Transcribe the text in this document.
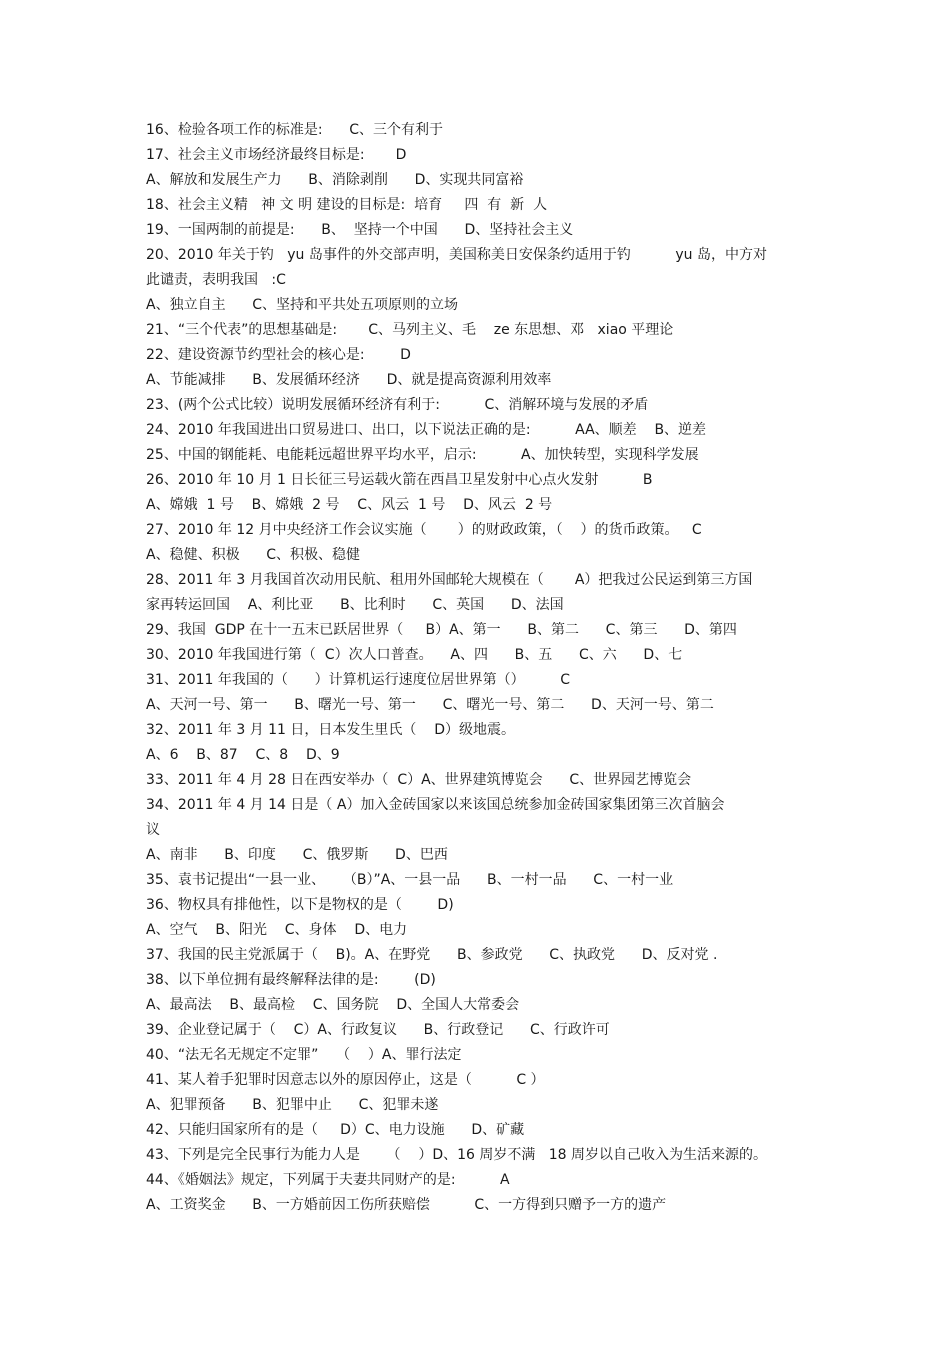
16、检验各项工作的标准是:      C、三个有利于
17、社会主义市场经济最终目标是:       D
A、解放和发展生产力      B、消除剥削      D、实现共同富裕
18、社会主义精   神 文 明 建设的目标是:  培育     四  有  新  人
19、一国两制的前提是:      B、  坚持一个中国      D、坚持社会主义
20、2010 年关于钓   yu 岛事件的外交部声明，美国称美日安保条约适用于钓          yu 岛，中方对
此谴责，表明我国   :C
A、独立自主      C、坚持和平共处五项原则的立场
21、“三个代表”的思想基础是:       C、马列主义、毛    ze 东思想、邓   xiao 平理论
22、建设资源节约型社会的核心是:        D
A、节能减排      B、发展循环经济      D、就是提高资源利用效率
23、(两个公式比较）说明发展循环经济有利于:          C、消解环境与发展的矛盾
24、2010 年我国进出口贸易进口、出口，以下说法正确的是:          AA、顺差    B、逆差
25、中国的钢能耗、电能耗远超世界平均水平，启示:          A、加快转型，实现科学发展
26、2010 年 10 月 1 日长征三号运载火箭在西昌卫星发射中心点火发射          B
A、嫦娥  1 号    B、嫦娥  2 号    C、风云  1 号    D、风云  2 号
27、2010 年 12 月中央经济工作会议实施（       ）的财政政策，（    ）的货币政策。   C
A、稳健、积极      C、积极、稳健
28、2011 年 3 月我国首次动用民航、租用外国邮轮大规模在（       A）把我过公民运到第三方国
家再转运回国    A、利比亚      B、比利时      C、英国      D、法国
29、我国  GDP 在十一五末已跃居世界（     B）A、第一      B、第二      C、第三      D、第四
30、2010 年我国进行第（  C）次人口普查。    A、四      B、五      C、六      D、七
31、2011 年我国的（      ）计算机运行速度位居世界第（）        C
A、天河一号、第一      B、曙光一号、第一      C、曙光一号、第二      D、天河一号、第二
32、2011 年 3 月 11 日，日本发生里氏（    D）级地震。
A、6    B、87    C、8    D、9
33、2011 年 4 月 28 日在西安举办（  C）A、世界建筑博览会      C、世界园艺博览会
34、2011 年 4 月 14 日是（ A）加入金砖国家以来该国总统参加金砖国家集团第三次首脑会
议
A、南非      B、印度      C、俄罗斯      D、巴西
35、袁书记提出“一县一业、    （B）”A、一县一品      B、一村一品      C、一村一业
36、物权具有排他性，以下是物权的是（        D)
A、空气    B、阳光    C、身体    D、电力
37、我国的民主党派属于（    B)。A、在野党      B、参政党      C、执政党      D、反对党 .
38、以下单位拥有最终解释法律的是:        (D)
A、最高法    B、最高检    C、国务院    D、全国人大常委会
39、企业登记属于（    C）A、行政复议      B、行政登记      C、行政许可
40、“法无名无规定不定罪”    （    ）A、罪行法定
41、某人着手犯罪时因意志以外的原因停止，这是（          C ）
A、犯罪预备      B、犯罪中止      C、犯罪未遂
42、只能归国家所有的是（     D）C、电力设施      D、矿藏
43、下列是完全民事行为能力人是      （    ）D、16 周岁不满   18 周岁以自己收入为生活来源的。
44、《婚姻法》规定，下列属于夫妻共同财产的是:          A
A、工资奖金      B、一方婚前因工伤所获赔偿          C、一方得到只赠予一方的遗产
